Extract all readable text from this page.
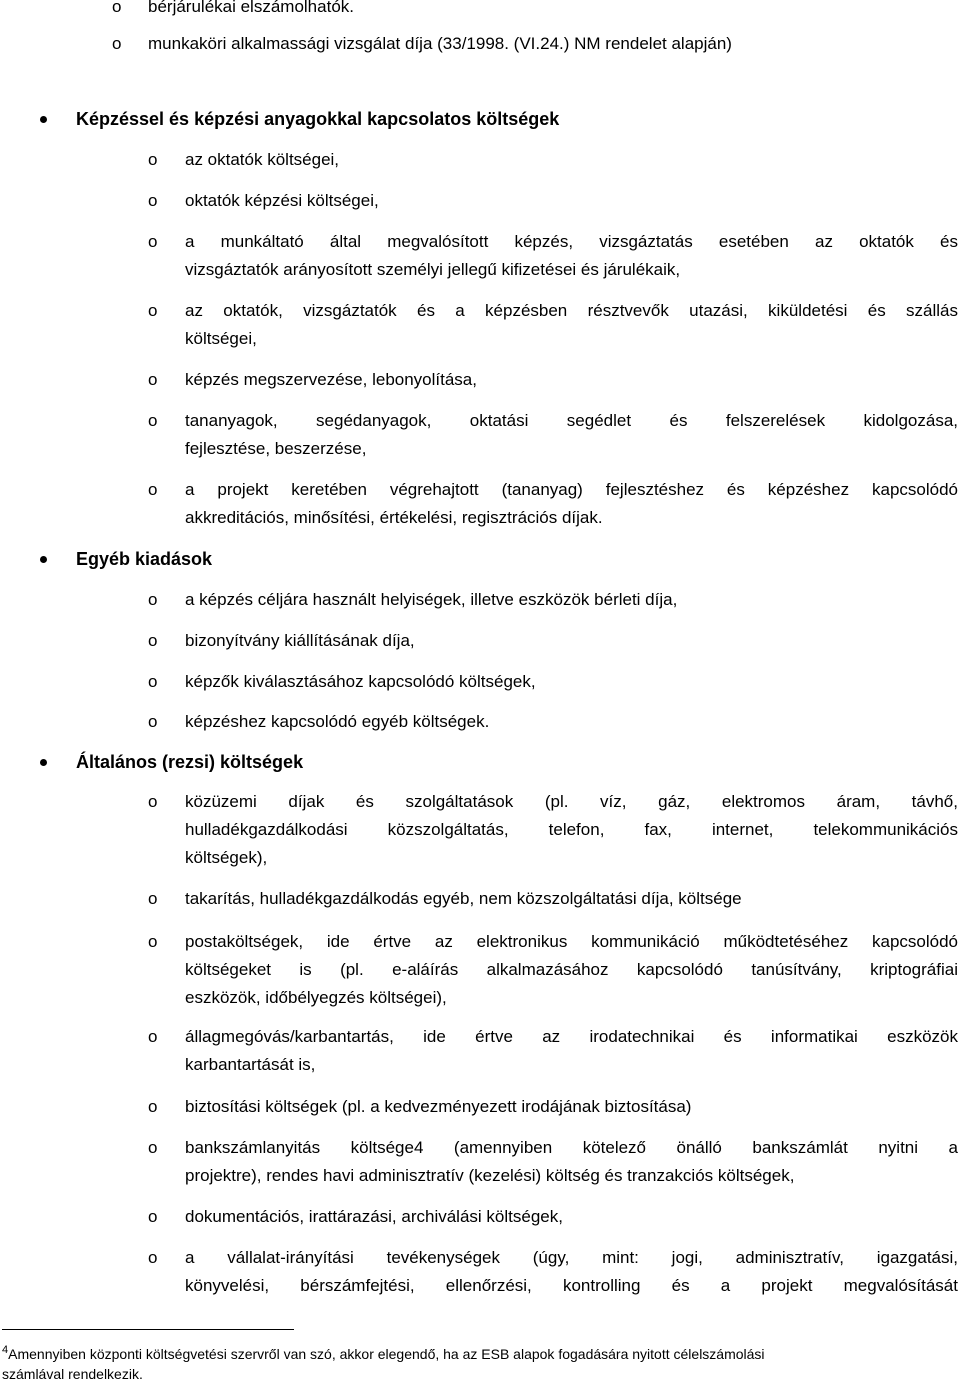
o bérjárulékai elszámolhatók.
o munkaköri alkalmassági vizsgálat díja (33/1998. (VI.24.) NM rendelet alapján)
Képzéssel és képzési anyagokkal kapcsolatos költségek
o az oktatók költségei,
o oktatók képzési költségei,
o a munkáltató által megvalósított képzés, vizsgáztatás esetében az oktatók és
vizsgáztatók arányosított személyi jellegű kifizetései és járulékaik,
o az oktatók, vizsgáztatók és a képzésben résztvevők utazási, kiküldetési és szállás
költségei,
o képzés megszervezése, lebonyolítása,
o tananyagok, segédanyagok, oktatási segédlet és felszerelések kidolgozása,
fejlesztése, beszerzése,
o a projekt keretében végrehajtott (tananyag) fejlesztéshez és képzéshez kapcsolódó
akkreditációs, minősítési, értékelési, regisztrációs díjak.
Egyéb kiadások
o a képzés céljára használt helyiségek, illetve eszközök bérleti díja,
o bizonyítvány kiállításának díja,
o képzők kiválasztásához kapcsolódó költségek,
o képzéshez kapcsolódó egyéb költségek.
Általános (rezsi) költségek
o közüzemi díjak és szolgáltatások (pl. víz, gáz, elektromos áram, távhő,
hulladékgazdálkodási közszolgáltatás, telefon, fax, internet, telekommunikációs
költségek),
o takarítás, hulladékgazdálkodás egyéb, nem közszolgáltatási díja, költsége
o postaköltségek, ide értve az elektronikus kommunikáció működtetéséhez kapcsolódó
költségeket is (pl. e-aláírás alkalmazásához kapcsolódó tanúsítvány, kriptográfiai
eszközök, időbélyegzés költségei),
o állagmegóvás/karbantartás, ide értve az irodatechnikai és informatikai eszközök
karbantartását is,
o biztosítási költségek (pl. a kedvezményezett irodájának biztosítása)
o bankszámlanyitás költsége4 (amennyiben kötelező önálló bankszámlát nyitni a
projektre), rendes havi adminisztratív (kezelési) költség és tranzakciós költségek,
o dokumentációs, irattárazási, archiválási költségek,
o a vállalat-irányítási tevékenységek (úgy, mint: jogi, adminisztratív, igazgatási,
könyvelési, bérszámfejtési, ellenőrzési, kontrolling és a projekt megvalósítását
$^4$Amennyiben központi költségvetési szervről van szó, akkor elegendő, ha az ESB alapok fogadására nyitott célelszámolási
számlával rendelkezik.
